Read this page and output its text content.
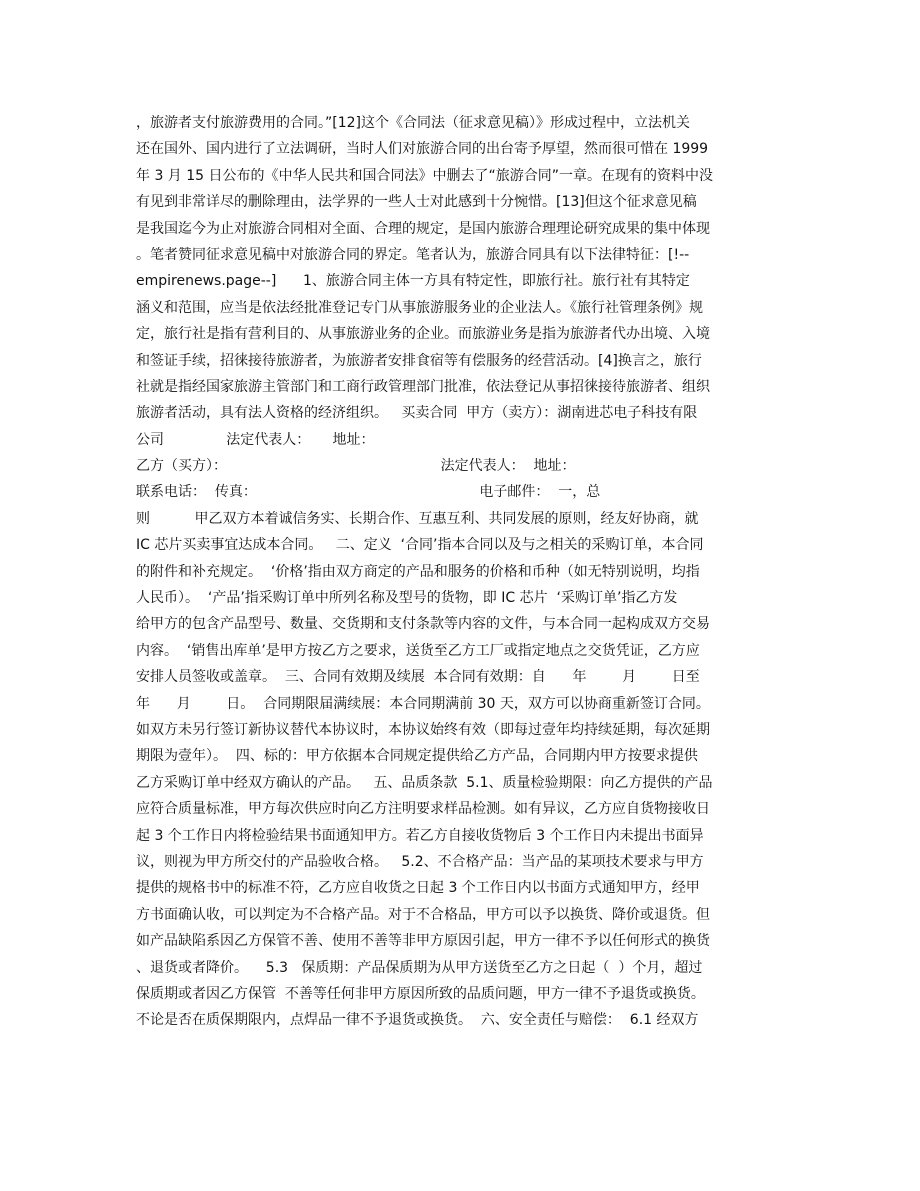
，旅游者支付旅游费用的合同。”[12]这个《合同法（征求意见稿）》形成过程中，立法机关
还在国外、国内进行了立法调研，当时人们对旅游合同的出台寄予厚望，然而很可惜在 1999
年 3 月 15 日公布的《中华人民共和国合同法》中删去了“旅游合同”一章。在现有的资料中没
有见到非常详尽的删除理由，法学界的一些人士对此感到十分惋惜。[13]但这个征求意见稿
是我国迄今为止对旅游合同相对全面、合理的规定，是国内旅游合理理论研究成果的集中体现
。笔者赞同征求意见稿中对旅游合同的界定。笔者认为，旅游合同具有以下法律特征：[!--
empirenews.page--]      1、旅游合同主体一方具有特定性，即旅行社。旅行社有其特定
涵义和范围，应当是依法经批准登记专门从事旅游服务业的企业法人。《旅行社管理条例》规
定，旅行社是指有营利目的、从事旅游业务的企业。而旅游业务是指为旅游者代办出境、入境
和签证手续，招徕接待旅游者，为旅游者安排食宿等有偿服务的经营活动。[4]换言之，旅行
社就是指经国家旅游主管部门和工商行政管理部门批准，依法登记从事招徕接待旅游者、组织
旅游者活动，具有法人资格的经济组织。   买卖合同  甲方（卖方）：湖南进芯电子科技有限
公司              法定代表人：     地址：
乙方（买方）：                                                法定代表人：  地址：
联系电话：  传真：                                                  电子邮件：  一，总
则          甲乙双方本着诚信务实、长期合作、互惠互利、共同发展的原则，经友好协商，就
IC 芯片买卖事宜达成本合同。   二、定义  ‘合同’指本合同以及与之相关的采购订单，本合同
的附件和补充规定。  ‘价格’指由双方商定的产品和服务的价格和币种（如无特别说明，均指
人民币）。  ‘产品’指采购订单中所列名称及型号的货物，即 IC 芯片  ‘采购订单’指乙方发
给甲方的包含产品型号、数量、交货期和支付条款等内容的文件，与本合同一起构成双方交易
内容。  ‘销售出库单’是甲方按乙方之要求，送货至乙方工厂或指定地点之交货凭证，乙方应
安排人员签收或盖章。  三、合同有效期及续展  本合同有效期：自      年        月        日至
年      月        日。  合同期限届满续展：本合同期满前 30 天，双方可以协商重新签订合同。
如双方未另行签订新协议替代本协议时，本协议始终有效（即每过壹年均持续延期，每次延期
期限为壹年）。  四、标的：甲方依据本合同规定提供给乙方产品，合同期内甲方按要求提供
乙方采购订单中经双方确认的产品。   五、品质条款  5.1、质量检验期限：向乙方提供的产品
应符合质量标准，甲方每次供应时向乙方注明要求样品检测。如有异议，乙方应自货物接收日
起 3 个工作日内将检验结果书面通知甲方。若乙方自接收货物后 3 个工作日内未提出书面异
议，则视为甲方所交付的产品验收合格。   5.2、不合格产品：当产品的某项技术要求与甲方
提供的规格书中的标准不符，乙方应自收货之日起 3 个工作日内以书面方式通知甲方，经甲
方书面确认收，可以判定为不合格产品。对于不合格品，甲方可以予以换货、降价或退货。但
如产品缺陷系因乙方保管不善、使用不善等非甲方原因引起，甲方一律不予以任何形式的换货
、退货或者降价。    5.3   保质期：产品保质期为从甲方送货至乙方之日起（  ）个月，超过
保质期或者因乙方保管  不善等任何非甲方原因所致的品质问题，甲方一律不予退货或换货。
不论是否在质保期限内，点焊品一律不予退货或换货。  六、安全责任与赔偿：  6.1 经双方
